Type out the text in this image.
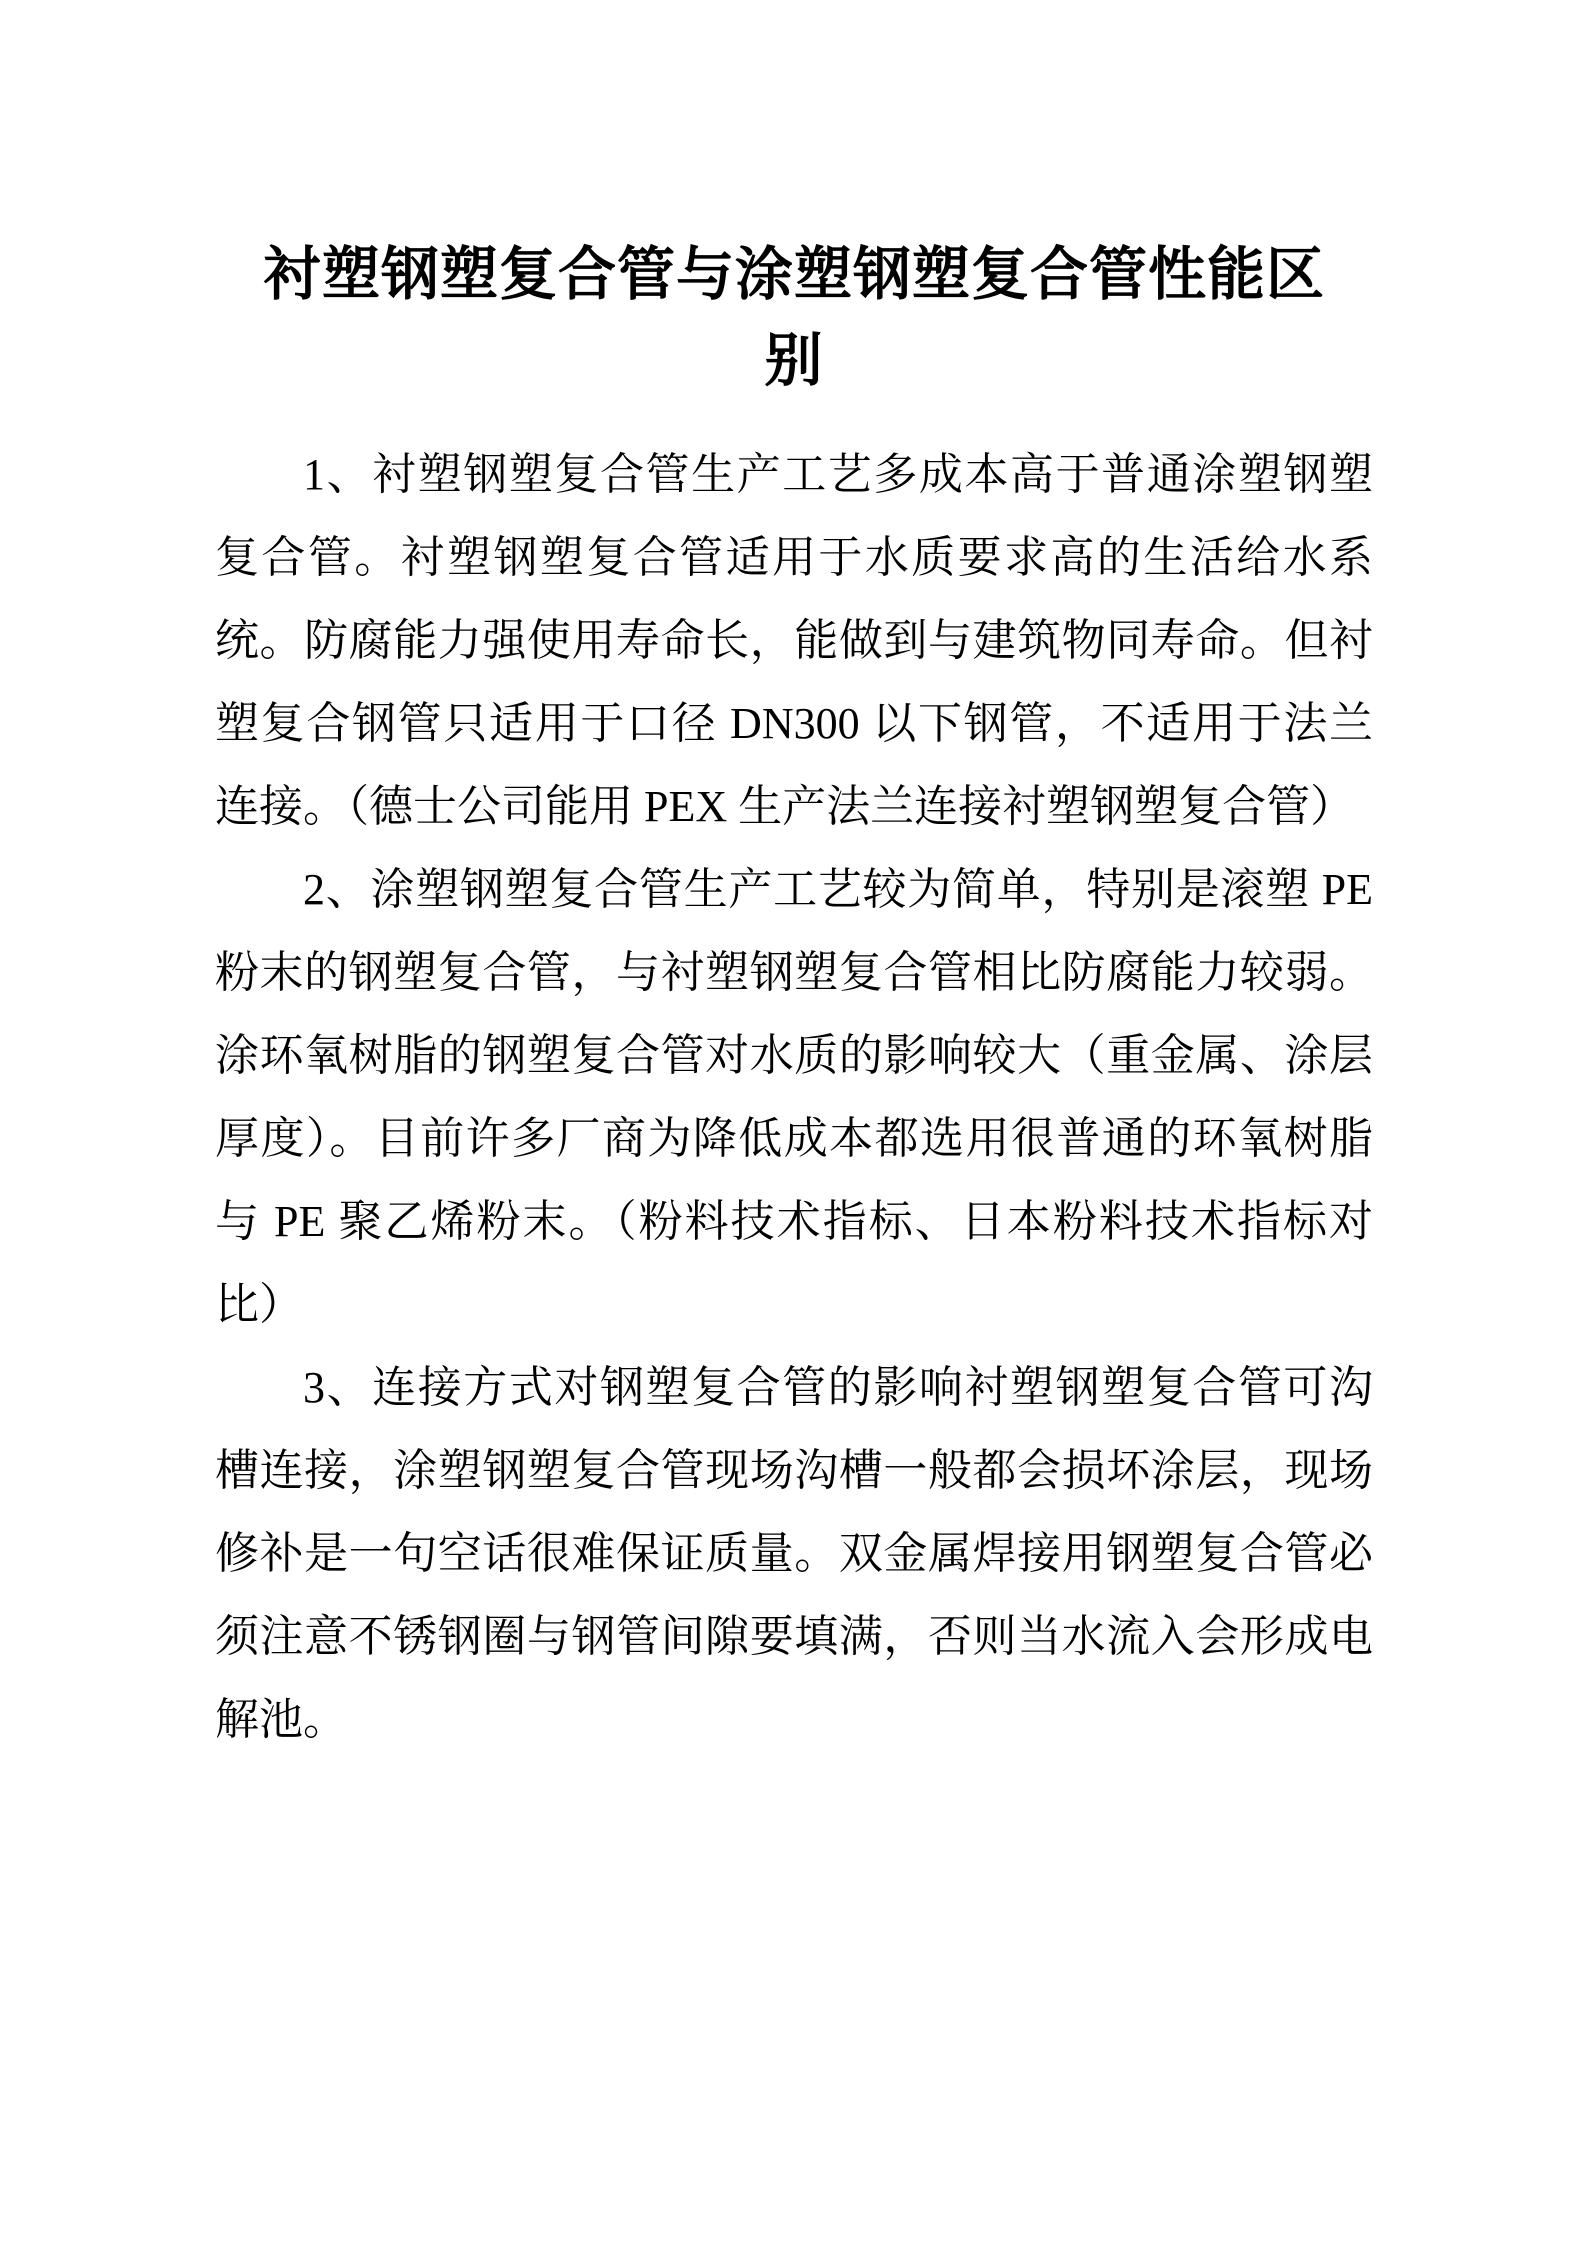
衬塑钢塑复合管与涂塑钢塑复合管性能区
别

1、衬塑钢塑复合管生产工艺多成本高于普通涂塑钢塑复合管。衬塑钢塑复合管适用于水质要求高的生活给水系统。防腐能力强使用寿命长，能做到与建筑物同寿命。但衬塑复合钢管只适用于口径 DN300 以下钢管，不适用于法兰连接。（德士公司能用 PEX 生产法兰连接衬塑钢塑复合管）

2、涂塑钢塑复合管生产工艺较为简单，特别是滚塑 PE 粉末的钢塑复合管，与衬塑钢塑复合管相比防腐能力较弱。涂环氧树脂的钢塑复合管对水质的影响较大（重金属、涂层厚度）。目前许多厂商为降低成本都选用很普通的环氧树脂与 PE 聚乙烯粉末。（粉料技术指标、日本粉料技术指标对比）

3、连接方式对钢塑复合管的影响衬塑钢塑复合管可沟槽连接，涂塑钢塑复合管现场沟槽一般都会损坏涂层，现场修补是一句空话很难保证质量。双金属焊接用钢塑复合管必须注意不锈钢圈与钢管间隙要填满，否则当水流入会形成电解池。
